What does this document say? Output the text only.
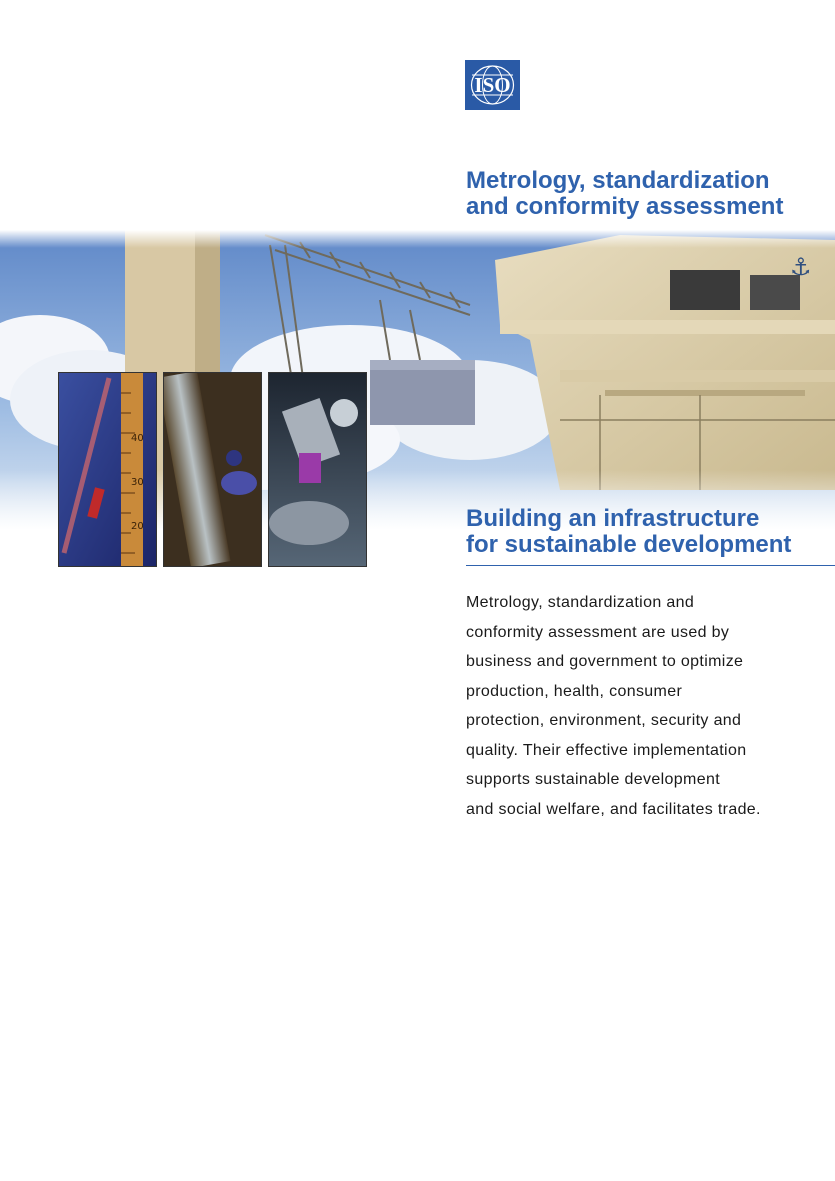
ISO
Metrology, standardization
and conformity assessment
⚓
40
30
20	Building an infrastructure
for sustainable development
Metrology, standardization and
conformity assessment are used by
business and government to optimize
production, health, consumer
protection, environment, security and
quality. Their effective implementation
supports sustainable development
and social welfare, and facilitates trade.
